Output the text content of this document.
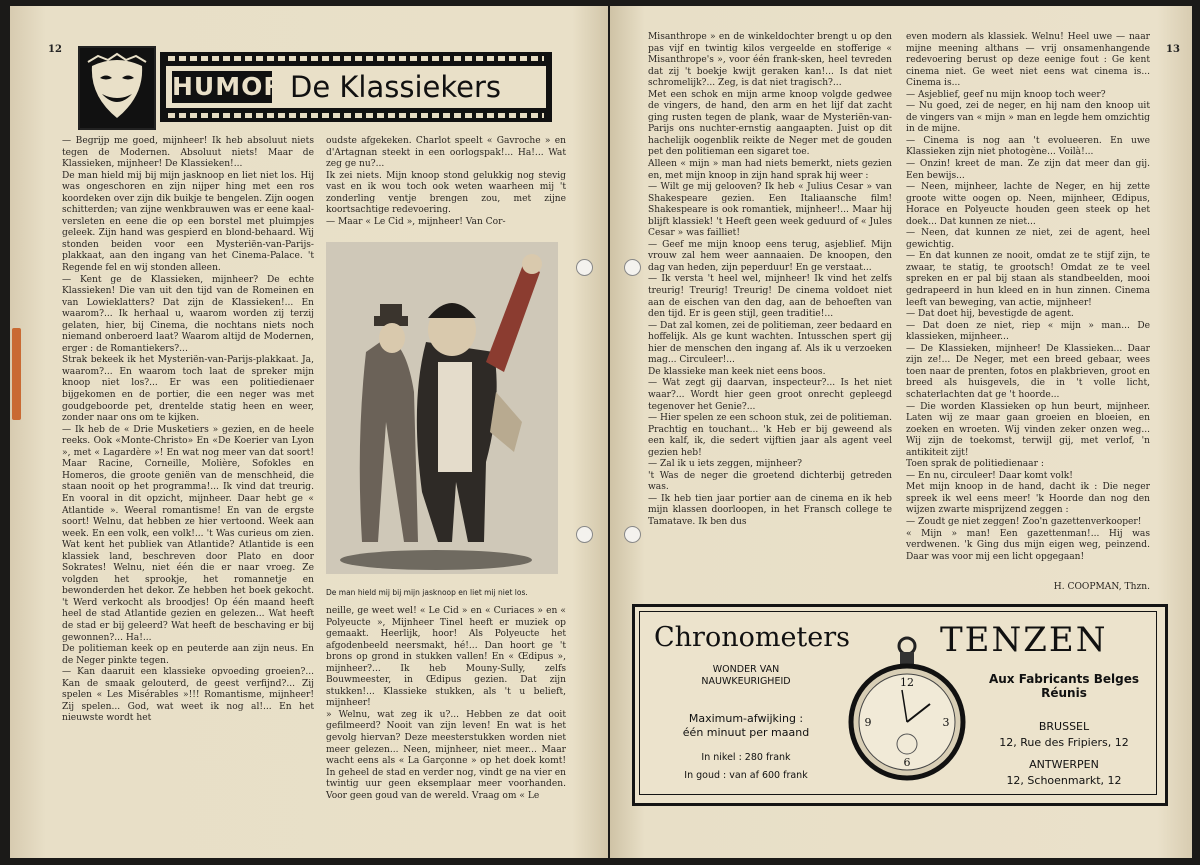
12
HUMOR De Klassiekers
— Begrijp me goed, mijnheer! Ik heb absoluut niets tegen de Modernen. Absoluut niets! Maar de Klassieken, mijnheer! De Klassieken!...
De man hield mij bij mijn jasknoop en liet niet los. Hij was ongeschoren en zijn nijper hing met een ros koordeken over zijn dik buikje te bengelen. Zijn oogen schitterden; van zijne wenkbrauwen was er eene kaal-versleten en eene die op een borstel met pluimpjes geleek. Zijn hand was gespierd en blond-behaard. Wij stonden beiden voor een Mysteriën-van-Parijs-plakkaat, aan den ingang van het Cinema-Palace. 't Regende fel en wij stonden alleen.
— Kent ge de Klassieken, mijnheer? De echte Klassieken! Die van uit den tijd van de Romeinen en van Lowieklatters? Dat zijn de Klassieken!... En waarom?... Ik herhaal u, waarom worden zij terzij gelaten, hier, bij Cinema, die nochtans niets noch niemand onberoerd laat? Waarom altijd de Modernen, erger : de Romantiekers?...
Strak bekeek ik het Mysteriën-van-Parijs-plakkaat. Ja, waarom?... En waarom toch laat de spreker mijn knoop niet los?... Er was een politiedienaer bijgekomen en de portier, die een neger was met goudgeboorde pet, drentelde statig heen en weer, zonder naar ons om te kijken.
— Ik heb de « Drie Musketiers » gezien, en de heele reeks. Ook «Monte-Christo» En «De Koerier van Lyon », met « Lagardère »! En wat nog meer van dat soort! Maar Racine, Corneille, Molière, Sofokles en Homeros, die groote geniën van de menschheid, die staan nooit op het programma!... Ik vind dat treurig. En vooral in dit opzicht, mijnheer. Daar hebt ge « Atlantide ». Weeral romantisme! En van de ergste soort! Welnu, dat hebben ze hier vertoond. Week aan week. En een volk, een volk!... 't Was curieus om zien. Wat kent het publiek van Atlantide? Atlantide is een klassiek land, beschreven door Plato en door Sokrates! Welnu, niet één die er naar vroeg. Ze volgden het sprookje, het romannetje en bewonderden het dekor. Ze hebben het boek gekocht. 't Werd verkocht als broodjes! Op één maand heeft heel de stad Atlantide gezien en gelezen... Wat heeft de stad er bij geleerd? Wat heeft de beschaving er bij gewonnen?... Ha!...
De politieman keek op en peuterde aan zijn neus. En de Neger pinkte tegen.
— Kan daaruit een klassieke opvoeding groeien?... Kan de smaak gelouterd, de geest verfijnd?... Zij spelen « Les Misérables »!!! Romantisme, mijnheer! Zij spelen... God, wat weet ik nog al!... En het nieuwste wordt het
oudste afgekeken. Charlot speelt « Gavroche » en d'Artagnan steekt in een oorlogspak!... Ha!... Wat zeg ge nu?...
Ik zei niets. Mijn knoop stond gelukkig nog stevig vast en ik wou toch ook weten waarheen mij 't zonderling ventje brengen zou, met zijne koortsachtige redevoering.
— Maar « Le Cid », mijnheer! Van Cor-
De man hield mij bij mijn jasknoop en liet mij niet los.
neille, ge weet wel! « Le Cid » en « Curiaces » en « Polyeucte », Mijnheer Tinel heeft er muziek op gemaakt. Heerlijk, hoor! Als Polyeucte het afgodenbeeld neersmakt, hé!... Dan hoort ge 't brons op grond in stukken vallen! En « Œdipus », mijnheer?... Ik heb Mouny-Sully, zelfs Bouwmeester, in Œdipus gezien. Dat zijn stukken!... Klassieke stukken, als 't u belieft, mijnheer!
» Welnu, wat zeg ik u?... Hebben ze dat ooit gefilmeerd? Nooit van zijn leven! En wat is het gevolg hiervan? Deze meesterstukken worden niet meer gelezen... Neen, mijnheer, niet meer... Maar wacht eens als « La Garçonne » op het doek komt! In geheel de stad en verder nog, vindt ge na vier en twintig uur geen eksemplaar meer voorhanden. Voor geen goud van de wereld. Vraag om « Le
13
Misanthrope » en de winkeldochter brengt u op den pas vijf en twintig kilos vergeelde en stofferige « Misanthrope's », voor één frank-sken, heel tevreden dat zij 't boekje kwijt geraken kan!... Is dat niet schromelijk?... Zeg, is dat niet tragisch?...
Met een schok en mijn arme knoop volgde gedwee de vingers, de hand, den arm en het lijf dat zacht ging rusten tegen de plank, waar de Mysteriën-van-Parijs ons nuchter-ernstig aangaapten. Juist op dit hachelijk oogenblik reikte de Neger met de gouden pet den politieman een sigaret toe.
Alleen « mijn » man had niets bemerkt, niets gezien en, met mijn knoop in zijn hand sprak hij weer :
— Wilt ge mij gelooven? Ik heb « Julius Cesar » van Shakespeare gezien. Een Italiaansche film! Shakespeare is ook romantiek, mijnheer!... Maar hij blijft klassiek! 't Heeft geen week geduurd of « Jules Cesar » was failliet!
— Geef me mijn knoop eens terug, asjeblief. Mijn vrouw zal hem weer aannaaien. De knoopen, den dag van heden, zijn peperduur! En ge verstaat...
— Ik versta 't heel wel, mijnheer! Ik vind het zelfs treurig! Treurig! Treurig! De cinema voldoet niet aan de eischen van den dag, aan de behoeften van den tijd. Er is geen stijl, geen traditie!...
— Dat zal komen, zei de politieman, zeer bedaard en hoffelijk. Als ge kunt wachten. Intusschen spert gij hier de menschen den ingang af. Als ik u verzoeken mag... Circuleer!...
De klassieke man keek niet eens boos.
— Wat zegt gij daarvan, inspecteur?... Is het niet waar?... Wordt hier geen groot onrecht gepleegd tegenover het Genie?...
— Hier spelen ze een schoon stuk, zei de politieman. Prachtig en touchant... 'k Heb er bij geweend als een kalf, ik, die sedert vijftien jaar als agent veel gezien heb!
— Zal ik u iets zeggen, mijnheer?
't Was de neger die groetend dichterbij getreden was.
— Ik heb tien jaar portier aan de cinema en ik heb mijn klassen doorloopen, in het Fransch college te Tamatave. Ik ben dus
even modern als klassiek. Welnu! Heel uwe — naar mijne meening althans — vrij onsamenhangende redevoering berust op deze eenige fout : Ge kent cinema niet. Ge weet niet eens wat cinema is... Cinema is...
— Asjeblief, geef nu mijn knoop toch weer?
— Nu goed, zei de neger, en hij nam den knoop uit de vingers van « mijn » man en legde hem omzichtig in de mijne.
— Cinema is nog aan 't evolueeren. En uwe Klassieken zijn niet photogène... Voilà!...
— Onzin! kreet de man. Ze zijn dat meer dan gij. Een bewijs...
— Neen, mijnheer, lachte de Neger, en hij zette groote witte oogen op. Neen, mijnheer, Œdipus, Horace en Polyeucte houden geen steek op het doek... Dat kunnen ze niet...
— Neen, dat kunnen ze niet, zei de agent, heel gewichtig.
— En dat kunnen ze nooit, omdat ze te stijf zijn, te zwaar, te statig, te grootsch! Omdat ze te veel spreken en er pal bij staan als standbeelden, mooi gedrapeerd in hun kleed en in hun zinnen. Cinema leeft van beweging, van actie, mijnheer!
— Dat doet hij, bevestigde de agent.
— Dat doen ze niet, riep « mijn » man... De klassieken, mijnheer...
— De Klassieken, mijnheer! De Klassieken... Daar zijn ze!... De Neger, met een breed gebaar, wees toen naar de prenten, fotos en plakbrieven, groot en breed als huisgevels, die in 't volle licht, schaterlachten dat ge 't hoorde...
— Die worden Klassieken op hun beurt, mijnheer. Laten wij ze maar gaan groeien en bloeien, en zoeken en wroeten. Wij vinden zeker onzen weg... Wij zijn de toekomst, terwijl gij, met verlof, 'n antikiteit zijt!
Toen sprak de politiedienaar :
— En nu, circuleer! Daar komt volk!
Met mijn knoop in de hand, dacht ik : Die neger spreek ik wel eens meer! 'k Hoorde dan nog den wijzen zwarte misprijzend zeggen :
— Zoudt ge niet zeggen! Zoo'n gazettenverkooper!
« Mijn » man! Een gazettenman!... Hij was verdwenen. 'k Ging dus mijn eigen weg, peinzend. Daar was voor mij een licht opgegaan!
H. COOPMAN, Thzn.
Chronometers	TENZEN
WONDER VAN
NAUWKEURIGHEID
Maximum-afwijking :
één minuut per maand
In nikel : 280 frank
In goud : van af 600 frank
12
3
6
9
Aux Fabricants Belges
Réunis
BRUSSEL
12, Rue des Fripiers, 12
ANTWERPEN
12, Schoenmarkt, 12
